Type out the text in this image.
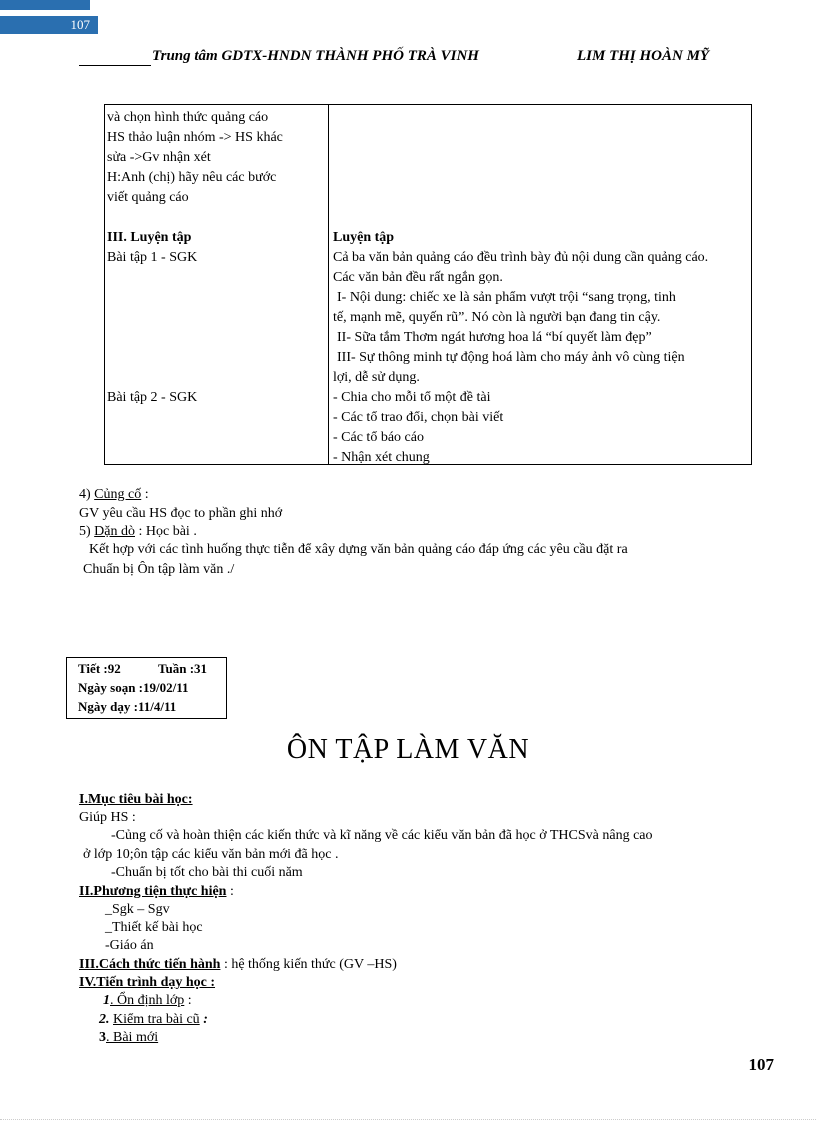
107
Trung tâm GDTX-HNDN THÀNH PHỐ TRÀ VINH	LIM THỊ HOÀN MỸ
và chọn hình thức quảng cáo
HS thảo luận nhóm -> HS khác
sửa ->Gv nhận xét
H:Anh (chị) hãy nêu các bước
viết quảng cáo
III. Luyện tập
Bài tập 1 - SGK
Bài tập 2 - SGK
Luyện tập
Cả ba văn bản quảng cáo đều trình bày đủ nội dung cần quảng cáo.
Các văn bản đều rất ngắn gọn.
I- Nội dung: chiếc xe là sản phẩm vượt trội “sang trọng, tinh
tế, mạnh mẽ, quyến rũ”. Nó còn là người bạn đang tin cậy.
II- Sữa tắm Thơm ngát hương hoa lá “bí quyết làm đẹp”
III- Sự thông minh tự động hoá làm cho máy ảnh vô cùng tiện
lợi, dễ sử dụng.
- Chia cho mỗi tổ một đề tài
- Các tổ trao đổi, chọn bài viết
- Các tổ báo cáo
- Nhận xét chung
4) Củng cố :
GV yêu cầu HS đọc to phần ghi nhớ
5) Dặn dò : Học bài .
Kết hợp với các tình huống thực tiễn để xây dựng văn bản quảng cáo đáp ứng các yêu cầu đặt ra
Chuẩn bị Ôn tập làm văn ./
Tiết :92	Tuần :31
Ngày soạn :19/02/11
Ngày dạy :11/4/11
ÔN TẬP LÀM VĂN
I.Mục tiêu bài học:
Giúp HS :
-Củng cố và hoàn thiện các kiến thức và kĩ năng về các kiểu văn bản đã học ở THCSvà nâng cao
ở lớp 10;ôn tập các kiểu văn bản mới đã học .
-Chuẩn bị tốt cho bài thi cuối năm
II.Phương tiện thực hiện :
_Sgk – Sgv
_Thiết kế bài học
-Giáo án
III.Cách thức tiến hành : hệ thống kiến thức (GV –HS)
IV.Tiến trình dạy học :
1. Ổn định lớp :
2. Kiểm tra bài cũ :
3. Bài mới
107
